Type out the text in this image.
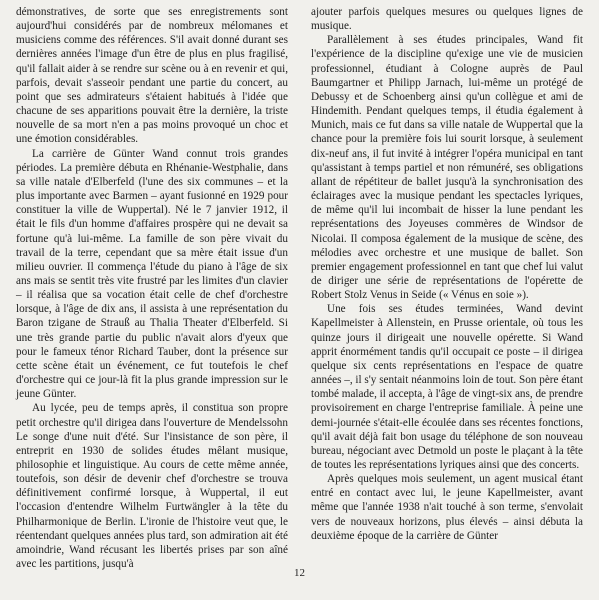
démonstratives, de sorte que ses enregistrements sont aujourd'hui considérés par de nombreux mélomanes et musiciens comme des références. S'il avait donné durant ses dernières années l'image d'un être de plus en plus fragilisé, qu'il fallait aider à se rendre sur scène ou à en revenir et qui, parfois, devait s'asseoir pendant une partie du concert, au point que ses admirateurs s'étaient habitués à l'idée que chacune de ses apparitions pouvait être la dernière, la triste nouvelle de sa mort n'en a pas moins provoqué un choc et une émotion considérables.

La carrière de Günter Wand connut trois grandes périodes. La première débuta en Rhénanie-Westphalie, dans sa ville natale d'Elberfeld (l'une des six communes – et la plus importante avec Barmen – ayant fusionné en 1929 pour constituer la ville de Wuppertal). Né le 7 janvier 1912, il était le fils d'un homme d'affaires prospère qui ne devait sa fortune qu'à lui-même. La famille de son père vivait du travail de la terre, cependant que sa mère était issue d'un milieu ouvrier. Il commença l'étude du piano à l'âge de six ans mais se sentit très vite frustré par les limites d'un clavier – il réalisa que sa vocation était celle de chef d'orchestre lorsque, à l'âge de dix ans, il assista à une représentation du Baron tzigane de Strauß au Thalia Theater d'Elberfeld. Si une très grande partie du public n'avait alors d'yeux que pour le fameux ténor Richard Tauber, dont la présence sur cette scène était un événement, ce fut toutefois le chef d'orchestre qui ce jour-là fit la plus grande impression sur le jeune Günter.

Au lycée, peu de temps après, il constitua son propre petit orchestre qu'il dirigea dans l'ouverture de Mendelssohn Le songe d'une nuit d'été. Sur l'insistance de son père, il entreprit en 1930 de solides études mêlant musique, philosophie et linguistique. Au cours de cette même année, toutefois, son désir de devenir chef d'orchestre se trouva définitivement confirmé lorsque, à Wuppertal, il eut l'occasion d'entendre Wilhelm Furtwängler à la tête du Philharmonique de Berlin. L'ironie de l'histoire veut que, le réentendant quelques années plus tard, son admiration ait été amoindrie, Wand récusant les libertés prises par son aîné avec les partitions, jusqu'à

ajouter parfois quelques mesures ou quelques lignes de musique.

Parallèlement à ses études principales, Wand fit l'expérience de la discipline qu'exige une vie de musicien professionnel, étudiant à Cologne auprès de Paul Baumgartner et Philipp Jarnach, lui-même un protégé de Debussy et de Schoenberg ainsi qu'un collègue et ami de Hindemith. Pendant quelques temps, il étudia également à Munich, mais ce fut dans sa ville natale de Wuppertal que la chance pour la première fois lui sourit lorsque, à seulement dix-neuf ans, il fut invité à intégrer l'opéra municipal en tant qu'assistant à temps partiel et non rémunéré, ses obligations allant de répétiteur de ballet jusqu'à la synchronisation des éclairages avec la musique pendant les spectacles lyriques, de même qu'il lui incombait de hisser la lune pendant les représentations des Joyeuses commères de Windsor de Nicolai. Il composa également de la musique de scène, des mélodies avec orchestre et une musique de ballet. Son premier engagement professionnel en tant que chef lui valut de diriger une série de représentations de l'opérette de Robert Stolz Venus in Seide (« Vénus en soie »).

Une fois ses études terminées, Wand devint Kapellmeister à Allenstein, en Prusse orientale, où tous les quinze jours il dirigeait une nouvelle opérette. Si Wand apprit énormément tandis qu'il occupait ce poste – il dirigea quelque six cents représentations en l'espace de quatre années –, il s'y sentait néanmoins loin de tout. Son père étant tombé malade, il accepta, à l'âge de vingt-six ans, de prendre provisoirement en charge l'entreprise familiale. À peine une demi-journée s'était-elle écoulée dans ses récentes fonctions, qu'il avait déjà fait bon usage du téléphone de son nouveau bureau, négociant avec Detmold un poste le plaçant à la tête de toutes les représentations lyriques ainsi que des concerts.

Après quelques mois seulement, un agent musical étant entré en contact avec lui, le jeune Kapellmeister, avant même que l'année 1938 n'ait touché à son terme, s'envolait vers de nouveaux horizons, plus élevés – ainsi débuta la deuxième époque de la carrière de Günter

12
